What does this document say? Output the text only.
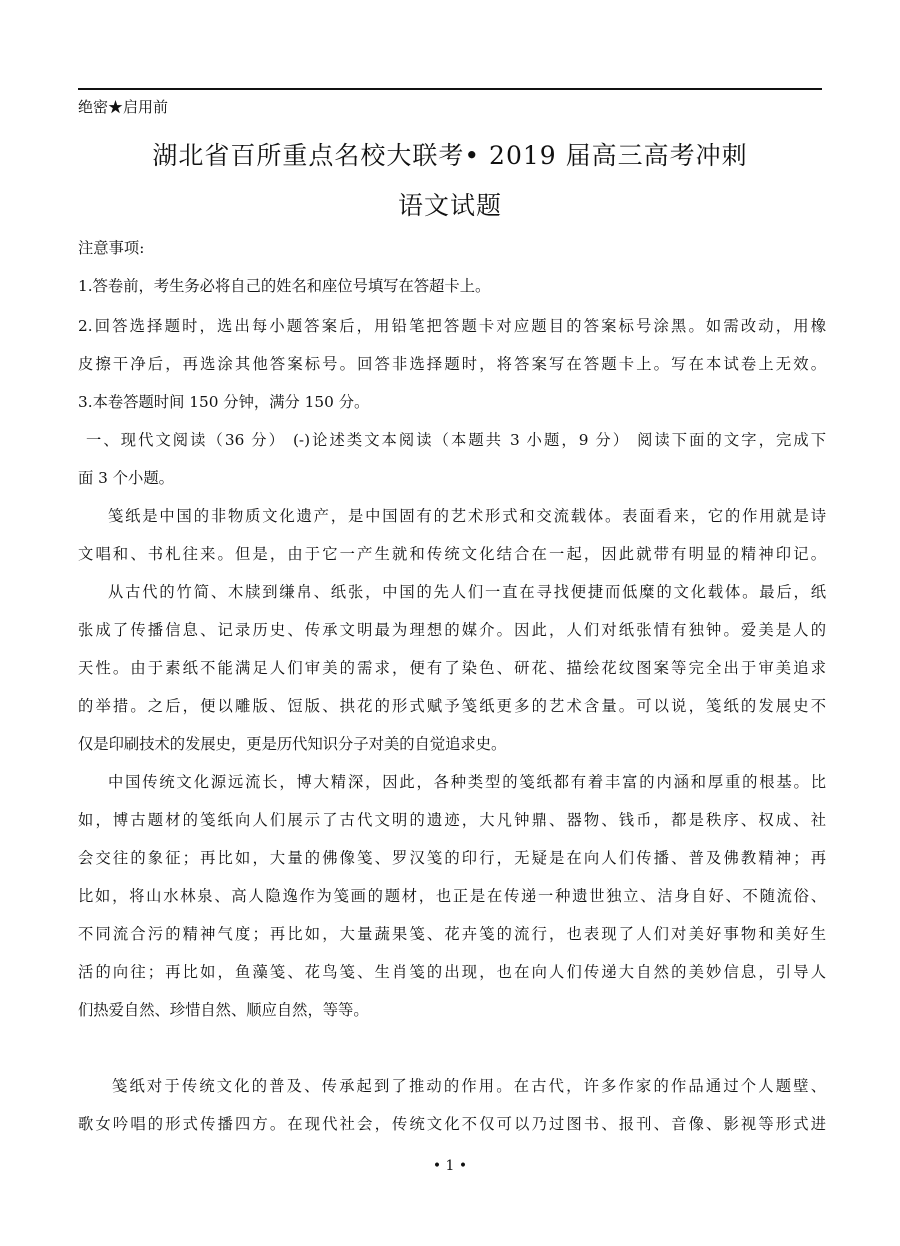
绝密★启用前
湖北省百所重点名校大联考• 2019 届高三高考冲刺
语文试题
注意事项:
1.答卷前，考生务必将自己的姓名和座位号填写在答超卡上。
2.回答选择题时，选出每小题答案后，用铅笔把答题卡对应题目的答案标号涂黑。如需改动，用橡
皮擦干净后，再选涂其他答案标号。回答非选择题时，将答案写在答题卡上。写在本试卷上无效。
3.本卷答题时间 150 分钟，满分 150 分。
一、现代文阅读（36 分） (-)论述类文本阅读（本题共 3 小题，9 分） 阅读下面的文字，完成下
面 3 个小题。
笺纸是中国的非物质文化遗产，是中国固有的艺术形式和交流载体。表面看来，它的作用就是诗
文唱和、书札往来。但是，由于它一产生就和传统文化结合在一起，因此就带有明显的精神印记。
从古代的竹简、木牍到缣帛、纸张，中国的先人们一直在寻找便捷而低糜的文化载体。最后，纸
张成了传播信息、记录历史、传承文明最为理想的媒介。因此，人们对纸张情有独钟。爱美是人的
天性。由于素纸不能满足人们审美的需求，便有了染色、研花、描绘花纹图案等完全出于审美追求
的举措。之后，便以雕版、饾版、拱花的形式赋予笺纸更多的艺术含量。可以说，笺纸的发展史不
仅是印刷技术的发展史，更是历代知识分子对美的自觉追求史。
中国传统文化源远流长，博大精深，因此，各种类型的笺纸都有着丰富的内涵和厚重的根基。比
如，博古题材的笺纸向人们展示了古代文明的遗迹，大凡钟鼎、器物、钱币，都是秩序、权成、社
会交往的象征；再比如，大量的佛像笺、罗汉笺的印行，无疑是在向人们传播、普及佛教精神；再
比如，将山水林泉、高人隐逸作为笺画的题材，也正是在传递一种遗世独立、洁身自好、不随流俗、
不同流合污的精神气度；再比如，大量蔬果笺、花卉笺的流行，也表现了人们对美好事物和美好生
活的向往；再比如，鱼藻笺、花鸟笺、生肖笺的出现，也在向人们传递大自然的美妙信息，引导人
们热爱自然、珍惜自然、顺应自然，等等。
笺纸对于传统文化的普及、传承起到了推动的作用。在古代，许多作家的作品通过个人题壁、
歌女吟唱的形式传播四方。在现代社会，传统文化不仅可以乃过图书、报刊、音像、影视等形式进
• 1 •
